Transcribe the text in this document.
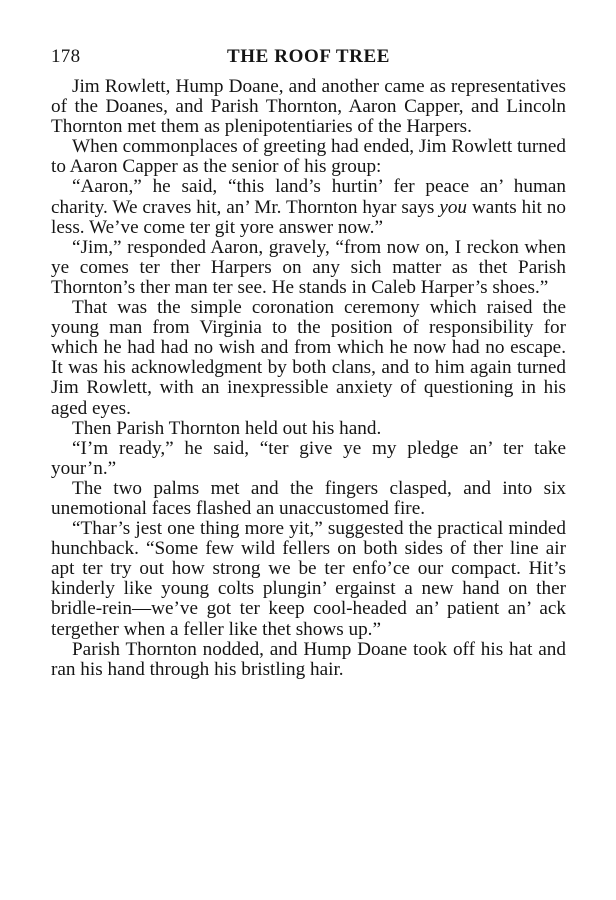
178	THE ROOF TREE

Jim Rowlett, Hump Doane, and another came as representatives of the Doanes, and Parish Thornton, Aaron Capper, and Lincoln Thornton met them as plenipotentiaries of the Harpers.

When commonplaces of greeting had ended, Jim Rowlett turned to Aaron Capper as the senior of his group:

“Aaron,” he said, “this land’s hurtin’ fer peace an’ human charity. We craves hit, an’ Mr. Thornton hyar says you wants hit no less. We’ve come ter git yore answer now.”

“Jim,” responded Aaron, gravely, “from now on, I reckon when ye comes ter ther Harpers on any sich matter as thet Parish Thornton’s ther man ter see. He stands in Caleb Harper’s shoes.”

That was the simple coronation ceremony which raised the young man from Virginia to the position of responsibility for which he had had no wish and from which he now had no escape. It was his acknowledgment by both clans, and to him again turned Jim Rowlett, with an inexpressible anxiety of questioning in his aged eyes.

Then Parish Thornton held out his hand.

“I’m ready,” he said, “ter give ye my pledge an’ ter take your’n.”

The two palms met and the fingers clasped, and into six unemotional faces flashed an unaccustomed fire.

“Thar’s jest one thing more yit,” suggested the practical minded hunchback. “Some few wild fellers on both sides of ther line air apt ter try out how strong we be ter enfo’ce our compact. Hit’s kinderly like young colts plungin’ ergainst a new hand on ther bridle-rein—we’ve got ter keep cool-headed an’ patient an’ ack tergether when a feller like thet shows up.”

Parish Thornton nodded, and Hump Doane took off his hat and ran his hand through his bristling hair.
